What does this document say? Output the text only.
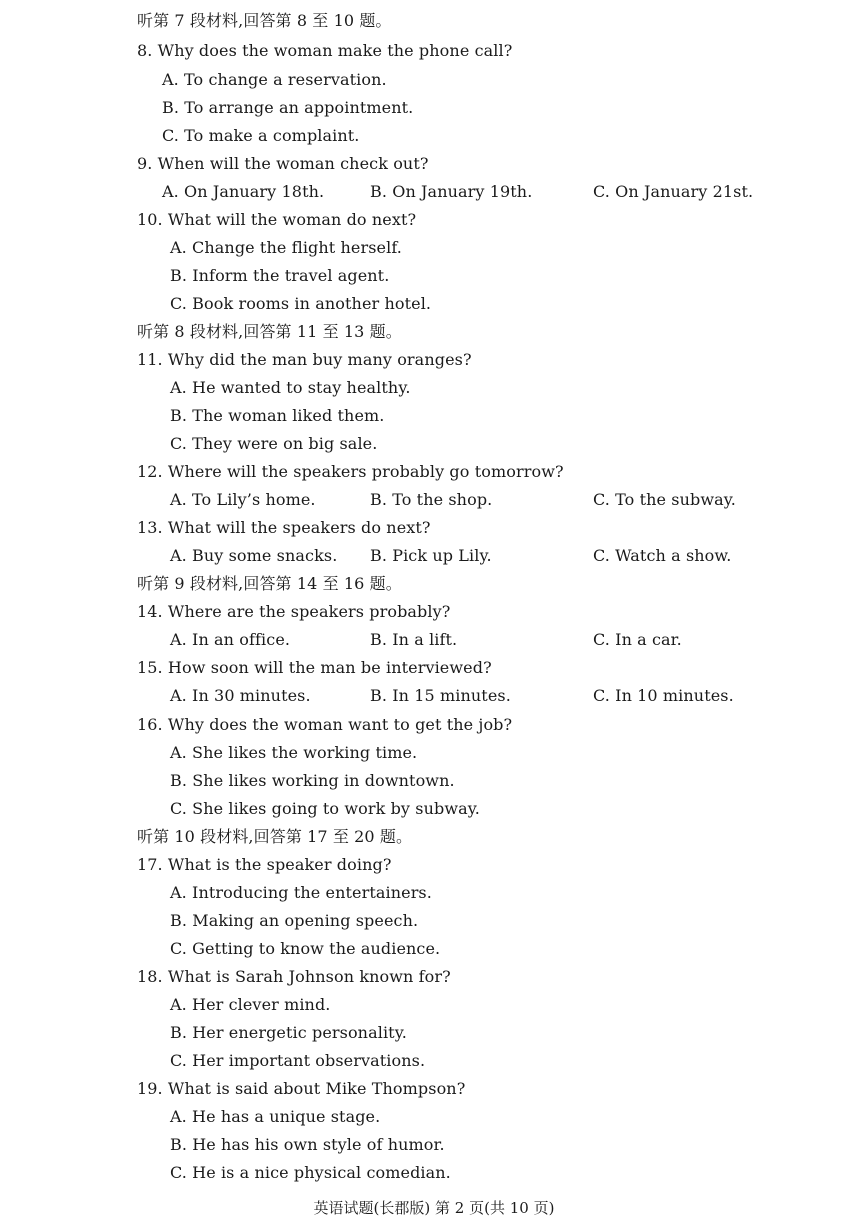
听第 7 段材料,回答第 8 至 10 题。
8. Why does the woman make the phone call?
A. To change a reservation.
B. To arrange an appointment.
C. To make a complaint.
9. When will the woman check out?
A. On January 18th.	B. On January 19th.	C. On January 21st.
10. What will the woman do next?
A. Change the flight herself.
B. Inform the travel agent.
C. Book rooms in another hotel.
听第 8 段材料,回答第 11 至 13 题。
11. Why did the man buy many oranges?
A. He wanted to stay healthy.
B. The woman liked them.
C. They were on big sale.
12. Where will the speakers probably go tomorrow?
A. To Lily’s home.	B. To the shop.	C. To the subway.
13. What will the speakers do next?
A. Buy some snacks. B. Pick up Lily.	C. Watch a show.
听第 9 段材料,回答第 14 至 16 题。
14. Where are the speakers probably?
A. In an office.	B. In a lift.	C. In a car.
15. How soon will the man be interviewed?
A. In 30 minutes.	B. In 15 minutes.	C. In 10 minutes.
16. Why does the woman want to get the job?
A. She likes the working time.
B. She likes working in downtown.
C. She likes going to work by subway.
听第 10 段材料,回答第 17 至 20 题。
17. What is the speaker doing?
A. Introducing the entertainers.
B. Making an opening speech.
C. Getting to know the audience.
18. What is Sarah Johnson known for?
A. Her clever mind.
B. Her energetic personality.
C. Her important observations.
19. What is said about Mike Thompson?
A. He has a unique stage.
B. He has his own style of humor.
C. He is a nice physical comedian.
英语试题(长郡版) 第 2 页(共 10 页)
